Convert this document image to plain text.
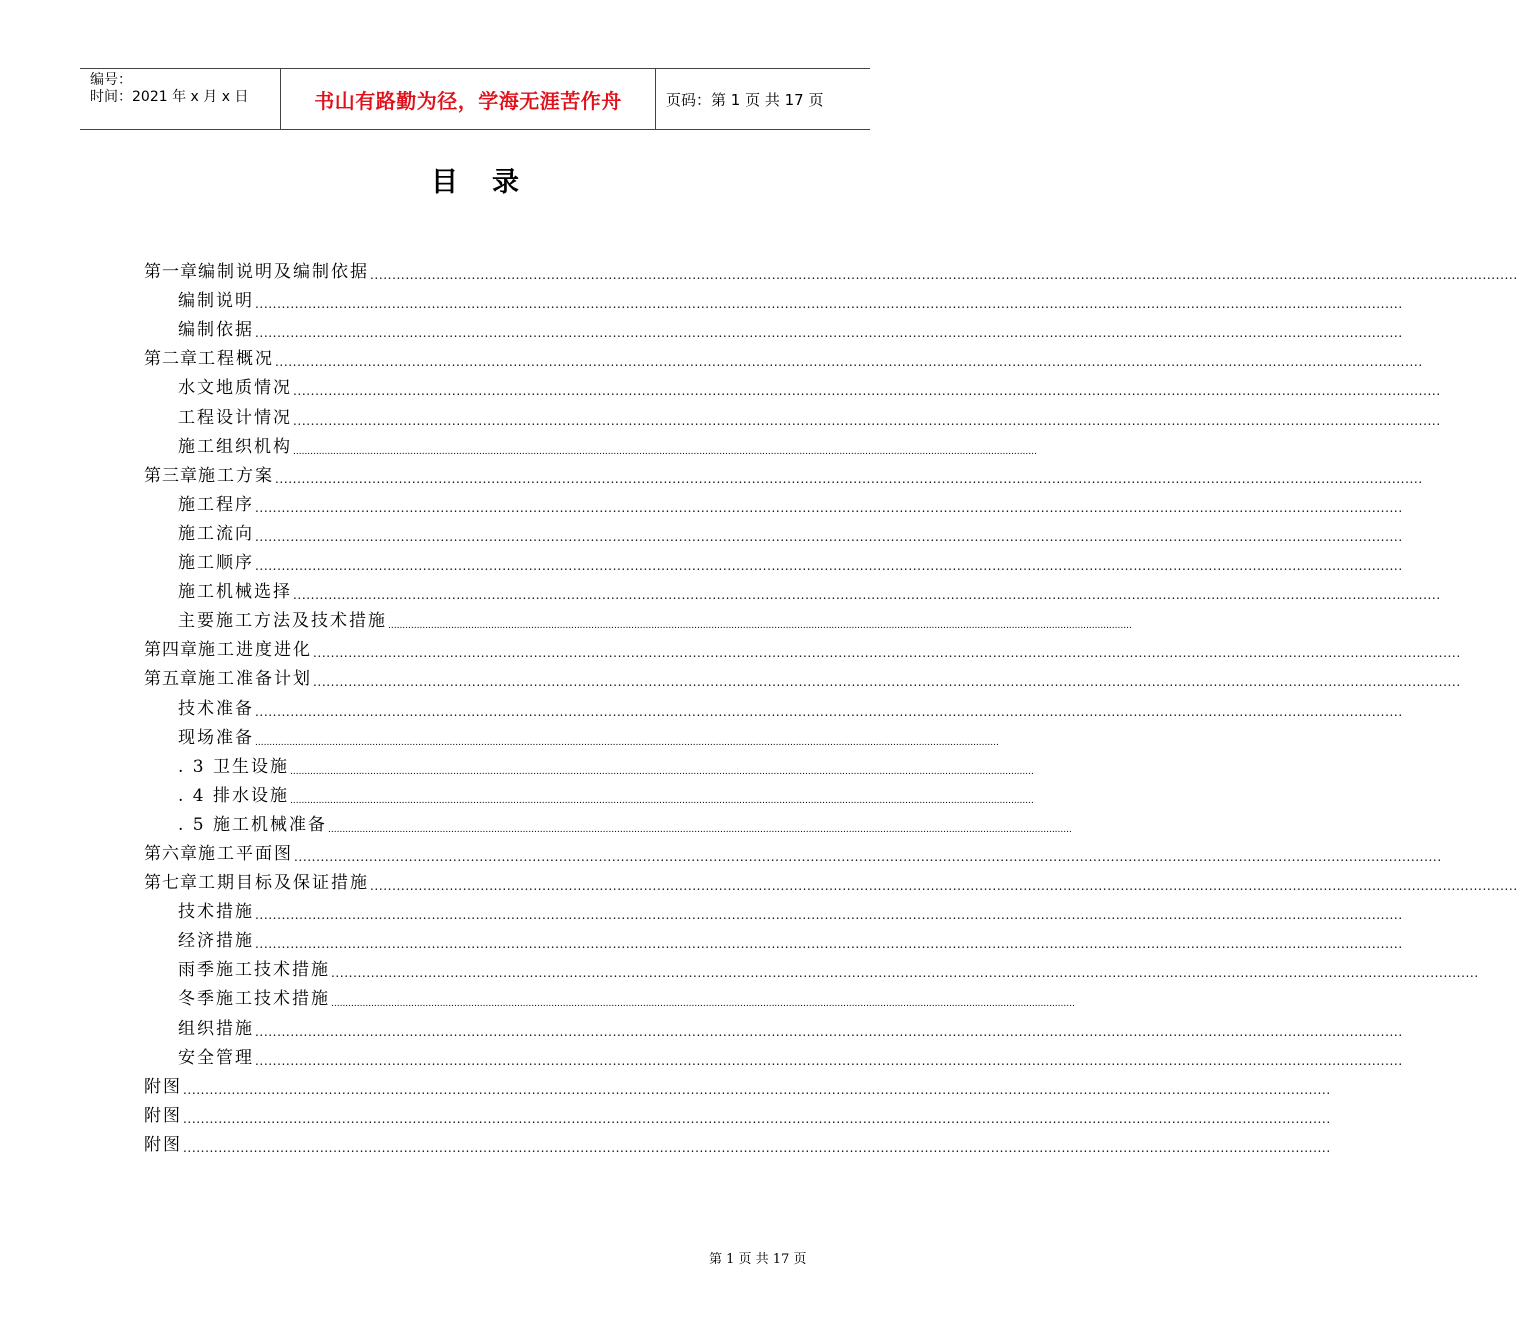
编号：
时间：2021 年 x 月 x 日	书山有路勤为径，学海无涯苦作舟	页码：第 1 页 共 17 页
目录
第一章 编制说明及编制依据 ....................................................................................................................................................................................................................................................................
编制说明 ....................................................................................................................................................................................................................................................................
编制依据 ....................................................................................................................................................................................................................................................................
第二章 工程概况 ....................................................................................................................................................................................................................................................................
水文地质情况 ....................................................................................................................................................................................................................................................................
工程设计情况 ....................................................................................................................................................................................................................................................................
施工组织机构 ....................................................................................................................................................................................................................................................................
第三章 施工方案 ....................................................................................................................................................................................................................................................................
施工程序 ....................................................................................................................................................................................................................................................................
施工流向 ....................................................................................................................................................................................................................................................................
施工顺序 ....................................................................................................................................................................................................................................................................
施工机械选择 ....................................................................................................................................................................................................................................................................
主要施工方法及技术措施 ....................................................................................................................................................................................................................................................................
第四章 施工进度进化 ....................................................................................................................................................................................................................................................................
第五章 施工准备计划 ....................................................................................................................................................................................................................................................................
技术准备 ....................................................................................................................................................................................................................................................................
现场准备 ....................................................................................................................................................................................................................................................................
. 3 卫生设施 ....................................................................................................................................................................................................................................................................
. 4 排水设施 ....................................................................................................................................................................................................................................................................
. 5 施工机械准备 ....................................................................................................................................................................................................................................................................
第六章 施工平面图 ....................................................................................................................................................................................................................................................................
第七章 工期目标及保证措施 ....................................................................................................................................................................................................................................................................
技术措施 ....................................................................................................................................................................................................................................................................
经济措施 ....................................................................................................................................................................................................................................................................
雨季施工技术措施 ....................................................................................................................................................................................................................................................................
冬季施工技术措施 ....................................................................................................................................................................................................................................................................
组织措施 ....................................................................................................................................................................................................................................................................
安全管理 ....................................................................................................................................................................................................................................................................
附图 ....................................................................................................................................................................................................................................................................
附图 ....................................................................................................................................................................................................................................................................
附图 ....................................................................................................................................................................................................................................................................
第 1 页 共 17 页
